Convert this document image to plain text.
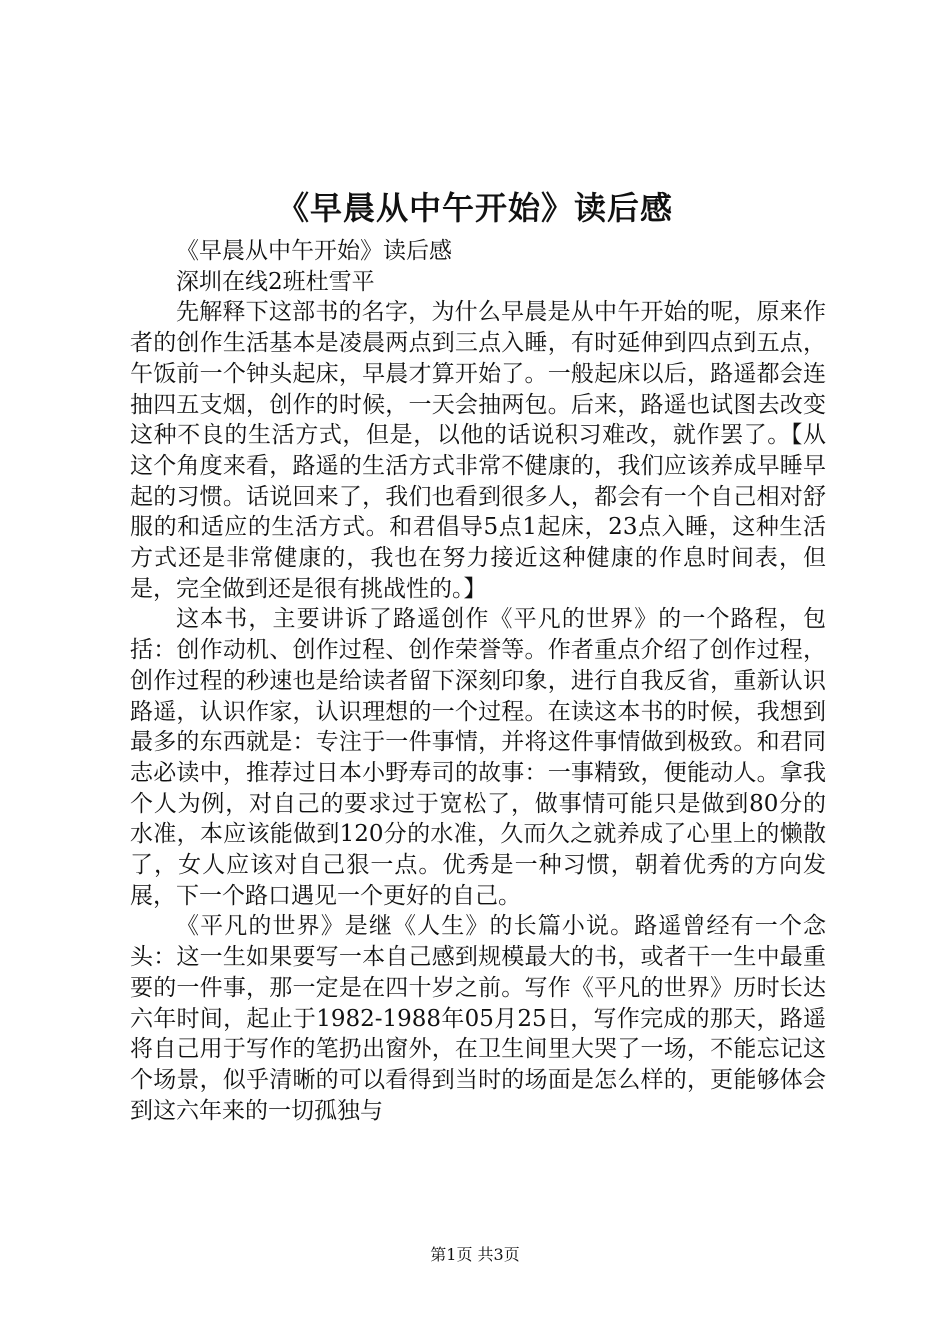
《早晨从中午开始》读后感

《早晨从中午开始》读后感

深圳在线2班杜雪平

先解释下这部书的名字，为什么早晨是从中午开始的呢，原来作者的创作生活基本是凌晨两点到三点入睡，有时延伸到四点到五点，午饭前一个钟头起床，早晨才算开始了。一般起床以后，路遥都会连抽四五支烟，创作的时候，一天会抽两包。后来，路遥也试图去改变这种不良的生活方式，但是，以他的话说积习难改，就作罢了。【从这个角度来看，路遥的生活方式非常不健康的，我们应该养成早睡早起的习惯。话说回来了，我们也看到很多人，都会有一个自己相对舒服的和适应的生活方式。和君倡导5点1起床，23点入睡，这种生活方式还是非常健康的，我也在努力接近这种健康的作息时间表，但是，完全做到还是很有挑战性的。】

这本书，主要讲诉了路遥创作《平凡的世界》的一个路程，包括：创作动机、创作过程、创作荣誉等。作者重点介绍了创作过程，创作过程的秒速也是给读者留下深刻印象，进行自我反省，重新认识路遥，认识作家，认识理想的一个过程。在读这本书的时候，我想到最多的东西就是：专注于一件事情，并将这件事情做到极致。和君同志必读中，推荐过日本小野寿司的故事：一事精致，便能动人。拿我个人为例，对自己的要求过于宽松了，做事情可能只是做到80分的水准，本应该能做到120分的水准，久而久之就养成了心里上的懒散了，女人应该对自己狠一点。优秀是一种习惯，朝着优秀的方向发展，下一个路口遇见一个更好的自己。

《平凡的世界》是继《人生》的长篇小说。路遥曾经有一个念头：这一生如果要写一本自己感到规模最大的书，或者干一生中最重要的一件事，那一定是在四十岁之前。写作《平凡的世界》历时长达六年时间，起止于1982-1988年05月25日，写作完成的那天，路遥将自己用于写作的笔扔出窗外，在卫生间里大哭了一场，不能忘记这个场景，似乎清晰的可以看得到当时的场面是怎么样的，更能够体会到这六年来的一切孤独与

第1页 共3页
